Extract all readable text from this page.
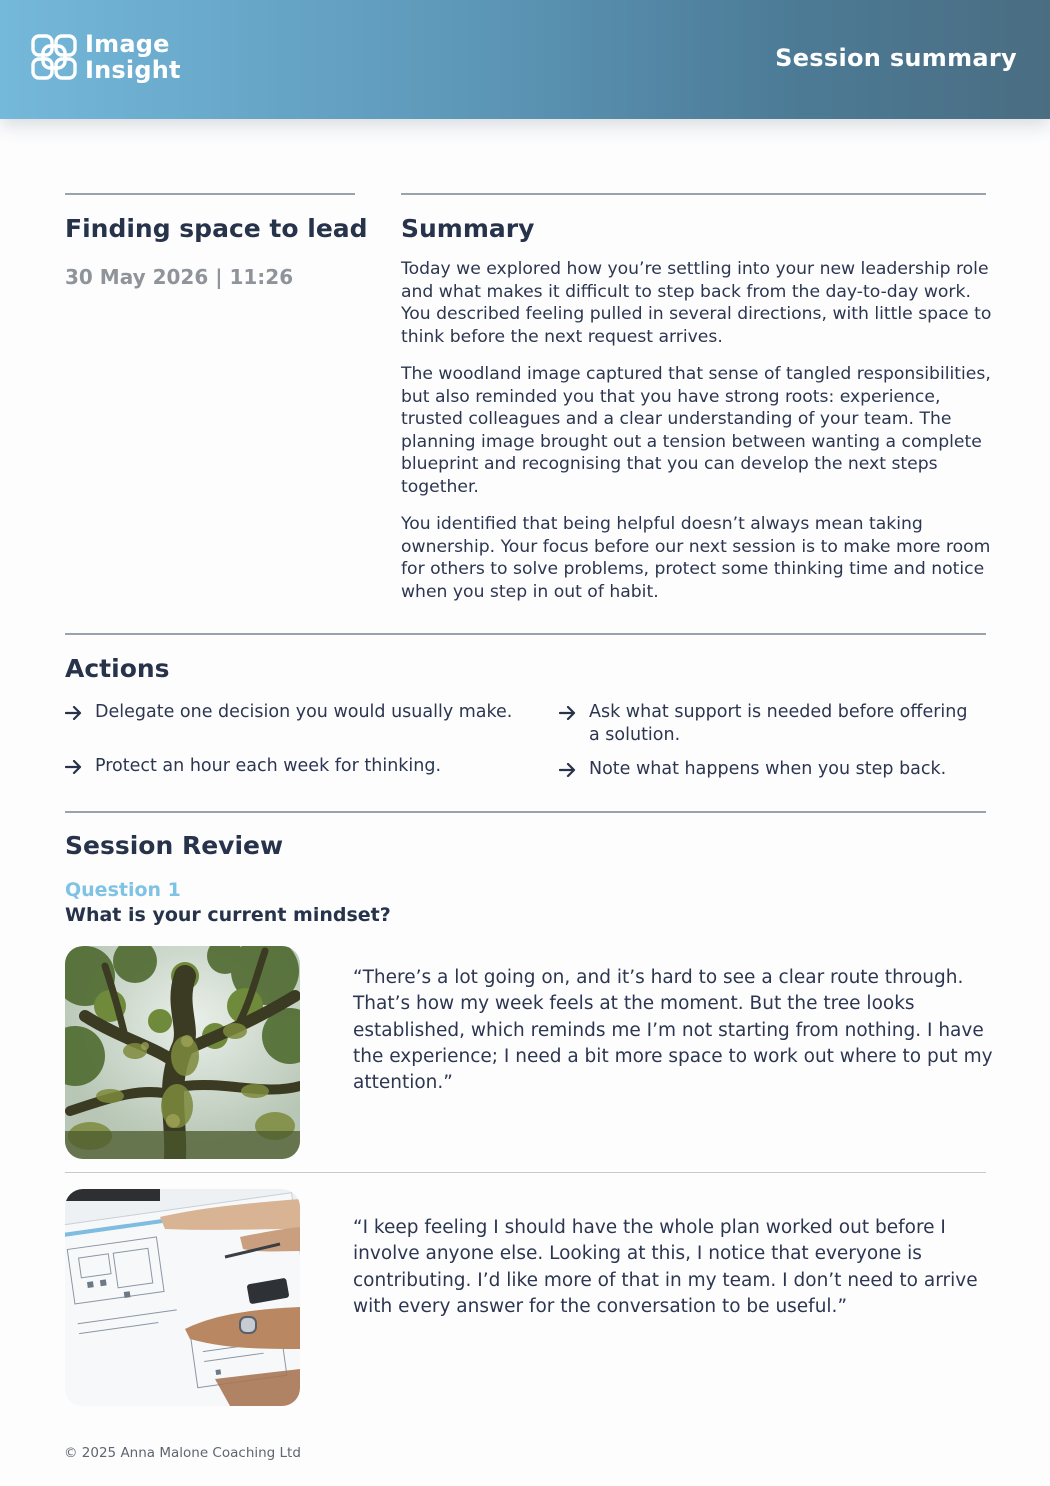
Image
Insight	Session summary
Finding space to lead
30 May 2026 | 11:26
Summary

Today we explored how you’re settling into your new leadership role and what makes it difficult to step back from the day-to-day work. You described feeling pulled in several directions, with little space to think before the next request arrives.

The woodland image captured that sense of tangled responsibilities, but also reminded you that you have strong roots: experience, trusted colleagues and a clear understanding of your team. The planning image brought out a tension between wanting a complete blueprint and recognising that you can develop the next steps together.

You identified that being helpful doesn’t always mean taking ownership. Your focus before our next session is to make more room for others to solve problems, protect some thinking time and notice when you step in out of habit.

Actions
Delegate one decision you would usually make.
Protect an hour each week for thinking.
Ask what support is needed before offering a solution.
Note what happens when you step back.
Session Review
Question 1
What is your current mindset?
“There’s a lot going on, and it’s hard to see a clear route through. That’s how my week feels at the moment. But the tree looks established, which reminds me I’m not starting from nothing. I have the experience; I need a bit more space to work out where to put my attention.”
“I keep feeling I should have the whole plan worked out before I involve anyone else. Looking at this, I notice that everyone is contributing. I’d like more of that in my team. I don’t need to arrive with every answer for the conversation to be useful.”
© 2025 Anna Malone Coaching Ltd
